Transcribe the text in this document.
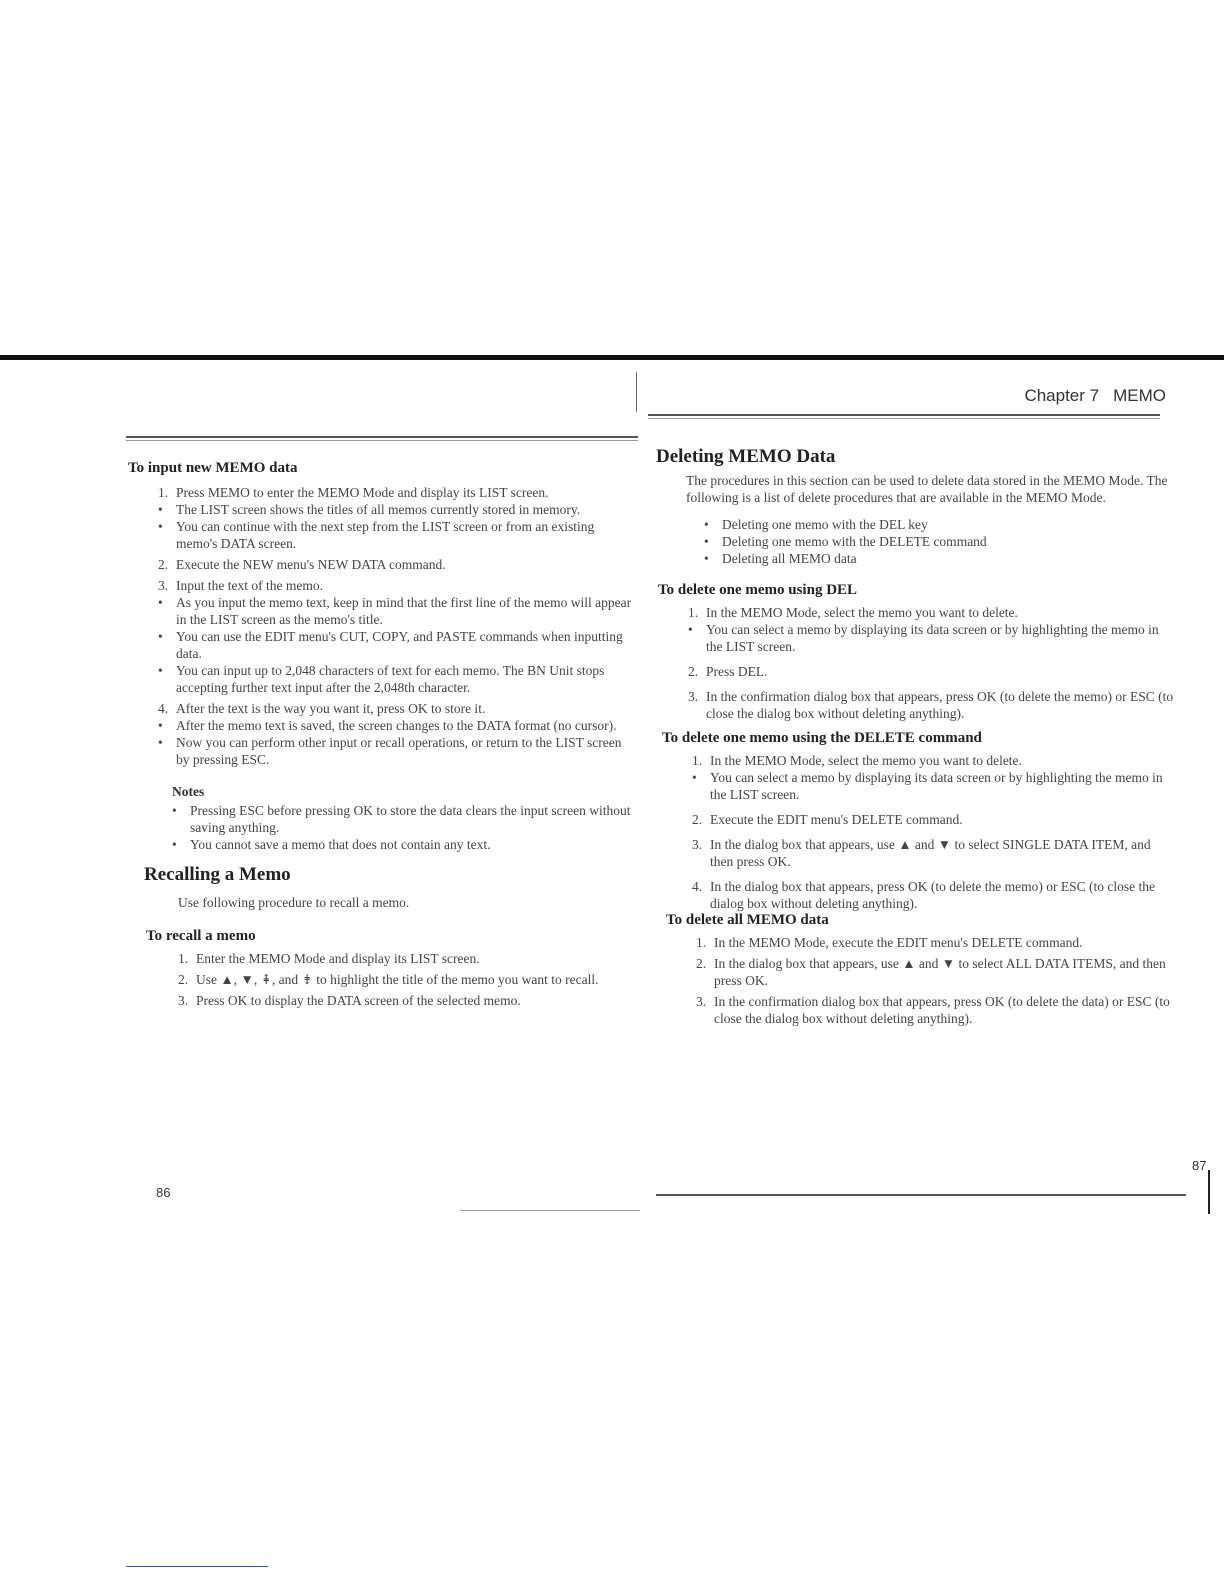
To input new MEMO data
1. Press MEMO to enter the MEMO Mode and display its LIST screen.
• The LIST screen shows the titles of all memos currently stored in memory.
• You can continue with the next step from the LIST screen or from an existing memo's DATA screen.
2. Execute the NEW menu's NEW DATA command.
3. Input the text of the memo.
• As you input the memo text, keep in mind that the first line of the memo will appear in the LIST screen as the memo's title.
• You can use the EDIT menu's CUT, COPY, and PASTE commands when inputting data.
• You can input up to 2,048 characters of text for each memo. The BN Unit stops accepting further text input after the 2,048th character.
4. After the text is the way you want it, press OK to store it.
• After the memo text is saved, the screen changes to the DATA format (no cursor).
• Now you can perform other input or recall operations, or return to the LIST screen by pressing ESC.
Notes
• Pressing ESC before pressing OK to store the data clears the input screen without saving anything.
• You cannot save a memo that does not contain any text.
Recalling a Memo

Use following procedure to recall a memo.

To recall a memo
1. Enter the MEMO Mode and display its LIST screen.
2. Use ▲, ▼, ⇞, and ⇟ to highlight the title of the memo you want to recall.
3. Press OK to display the DATA screen of the selected memo.
86
Chapter 7 MEMO
Deleting MEMO Data

The procedures in this section can be used to delete data stored in the MEMO Mode. The following is a list of delete procedures that are available in the MEMO Mode.

• Deleting one memo with the DEL key
• Deleting one memo with the DELETE command
• Deleting all MEMO data
To delete one memo using DEL
1. In the MEMO Mode, select the memo you want to delete.
• You can select a memo by displaying its data screen or by highlighting the memo in the LIST screen.
2. Press DEL.
3. In the confirmation dialog box that appears, press OK (to delete the memo) or ESC (to close the dialog box without deleting anything).
To delete one memo using the DELETE command
1. In the MEMO Mode, select the memo you want to delete.
• You can select a memo by displaying its data screen or by highlighting the memo in the LIST screen.
2. Execute the EDIT menu's DELETE command.
3. In the dialog box that appears, use ▲ and ▼ to select SINGLE DATA ITEM, and then press OK.
4. In the dialog box that appears, press OK (to delete the memo) or ESC (to close the dialog box without deleting anything).
To delete all MEMO data
1. In the MEMO Mode, execute the EDIT menu's DELETE command.
2. In the dialog box that appears, use ▲ and ▼ to select ALL DATA ITEMS, and then press OK.
3. In the confirmation dialog box that appears, press OK (to delete the data) or ESC (to close the dialog box without deleting anything).
87
